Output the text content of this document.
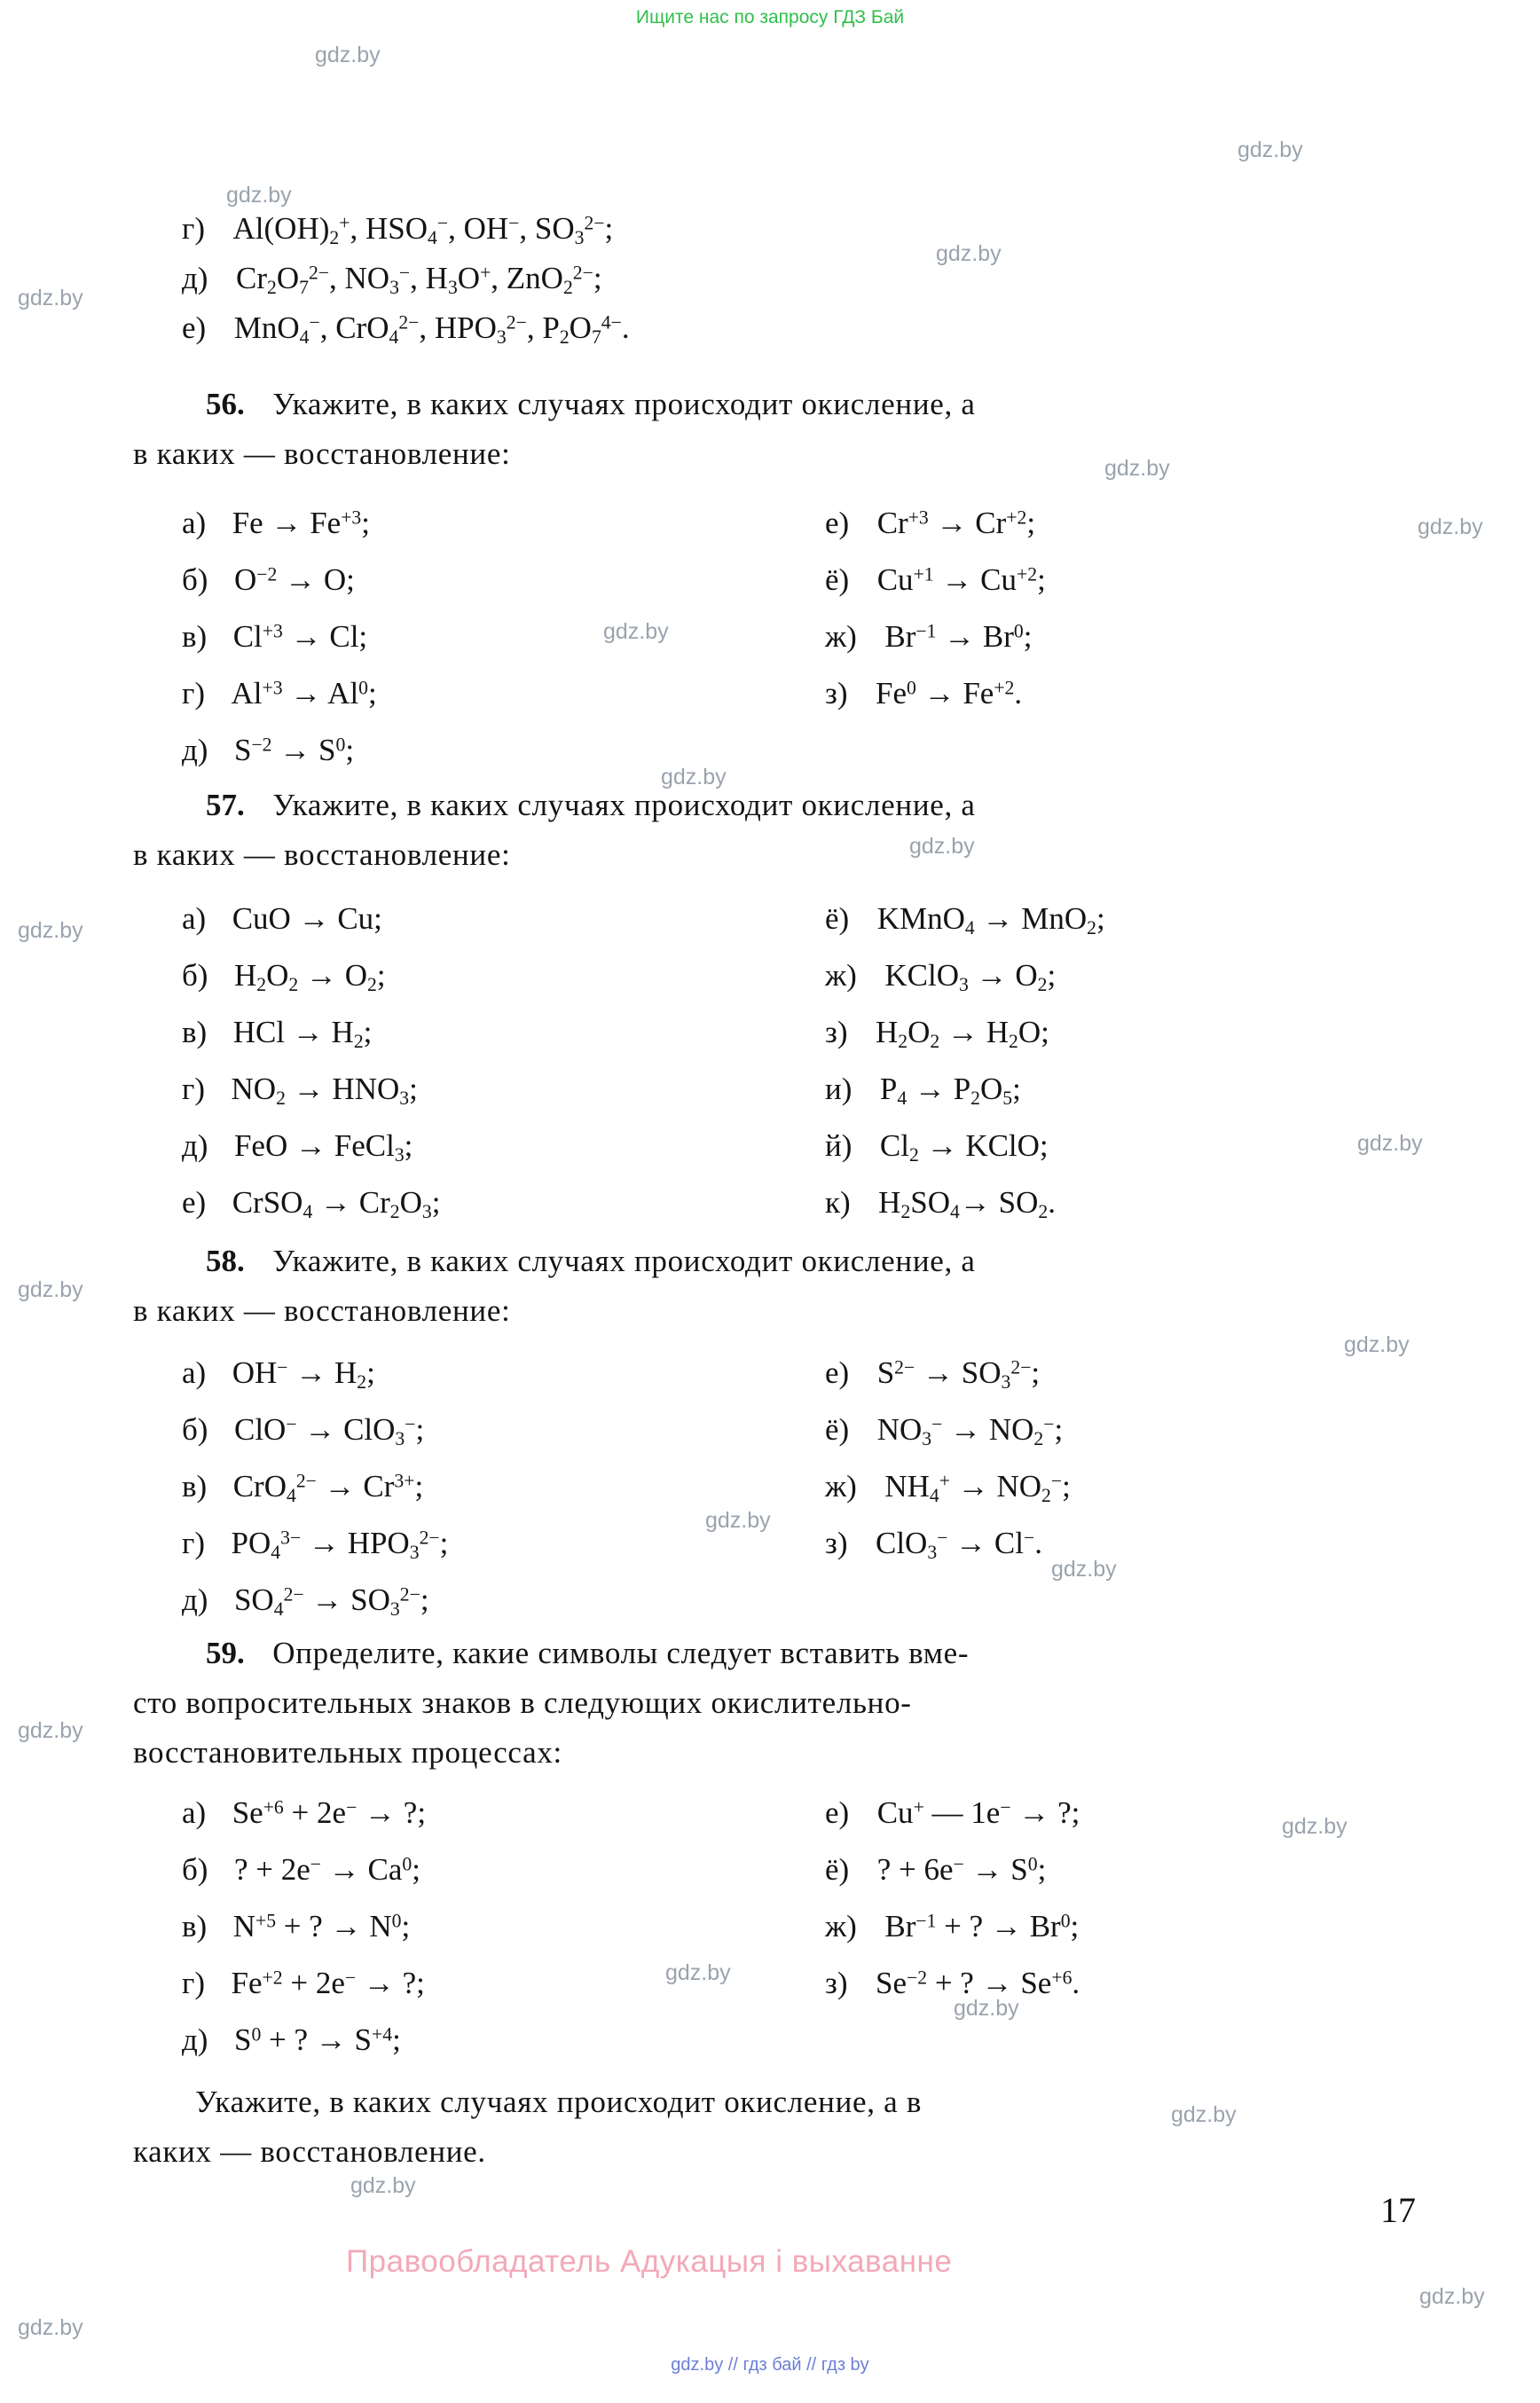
Ищите нас по запросу ГДЗ Бай
gdz.by
gdz.by
gdz.by
gdz.by
gdz.by
gdz.by
gdz.by
gdz.by
gdz.by
gdz.by
gdz.by
gdz.by
gdz.by
gdz.by
gdz.by
gdz.by
gdz.by
gdz.by
gdz.by
gdz.by
gdz.by
gdz.by
gdz.by
gdz.by
г) $Al(OH)_2^+$, $HSO_4^-$, OH−, $SO_3^{2-}$;
д) $Cr_2O_7^{2-}$, $NO_3^-$, $H_3O^+$, ZnO$_2^{2-}$;
е) MnO$_4$−, CrO$_4^{2-}$, $HPO_3^{2-}$, $P_2O_7^{4-}$.
56. Укажите, в каких случаях происходит окисление, а
в каких — восстановление:
а) $Fe \to Fe^{+3}$;
б) $O^{-2} \to O$;
в) $Cl^{+3} \to Cl$;
г) $Al^{+3} \to Al^0$;
д) $S^{-2} \to S^0$;
е) $Cr^{+3} \to Cr^{+2}$;
ё) $Cu^{+1} \to Cu^{+2}$;
ж) $Br^{-1} \to Br^0$;
з) $Fe^0 \to Fe^{+2}$.
57. Укажите, в каких случаях происходит окисление, а
в каких — восстановление:
а) CuO → Cu;
б) $H_2O_2 \to O_2$;
в) HCl → $H_2$;
г) $NO_2 \to HNO_3$;
д) FeO → FeCl$_3$;
е) CrSO$_4$ → $Cr_2O_3$;
ё) KMnO$_4$ → MnO$_2$;
ж) KClO$_3$ → $O_2$;
з) $H_2O_2 \to H_2O$;
и) $P_4 \to P_2O_5$;
й) $Cl_2$ → KClO;
к) $H_2SO_4\to SO_2$.
58. Укажите, в каких случаях происходит окисление, а
в каких — восстановление:
а) $OH^- \to H_2$;
б) ClO− → ClO$_3$−;
в) $CrO_4^{2-} \to Cr^{3+}$;
г) $PO_4^{3-} \to HPO_3^{2-}$;
д) $SO_4^{2-} \to SO_3^{2-}$;
е) $S^{2-} \to SO_3^{2-}$;
ё) $NO_3^- \to NO_2^-$;
ж) $NH_4^+ \to NO_2^-$;
з) ClO$_3$− → Cl−.
59. Определите, какие символы следует вставить вме-
сто вопросительных знаков в следующих окислительно-
восстановительных процессах:
а) $Se^{+6} + 2e^-$ → ?;
б) ? + $2e^- \to Ca^0$;
в) $N^{+5}$ + ? → $N^0$;
г) $Fe^{+2} + 2e^-$ → ?;
д) $S^0$ + ? → $S^{+4}$;
е) Cu+ — 1e− → ?;
ё) ? + $6e^- \to S^0$;
ж) $Br^{-1}$ + ? → $Br^0$;
з) $Se^{-2}$ + ? → $Se^{+6}$.
Укажите, в каких случаях происходит окисление, а в
каких — восстановление.
17
Правообладатель Адукацыя i выхаванне
gdz.by // гдз бай // гдз by
